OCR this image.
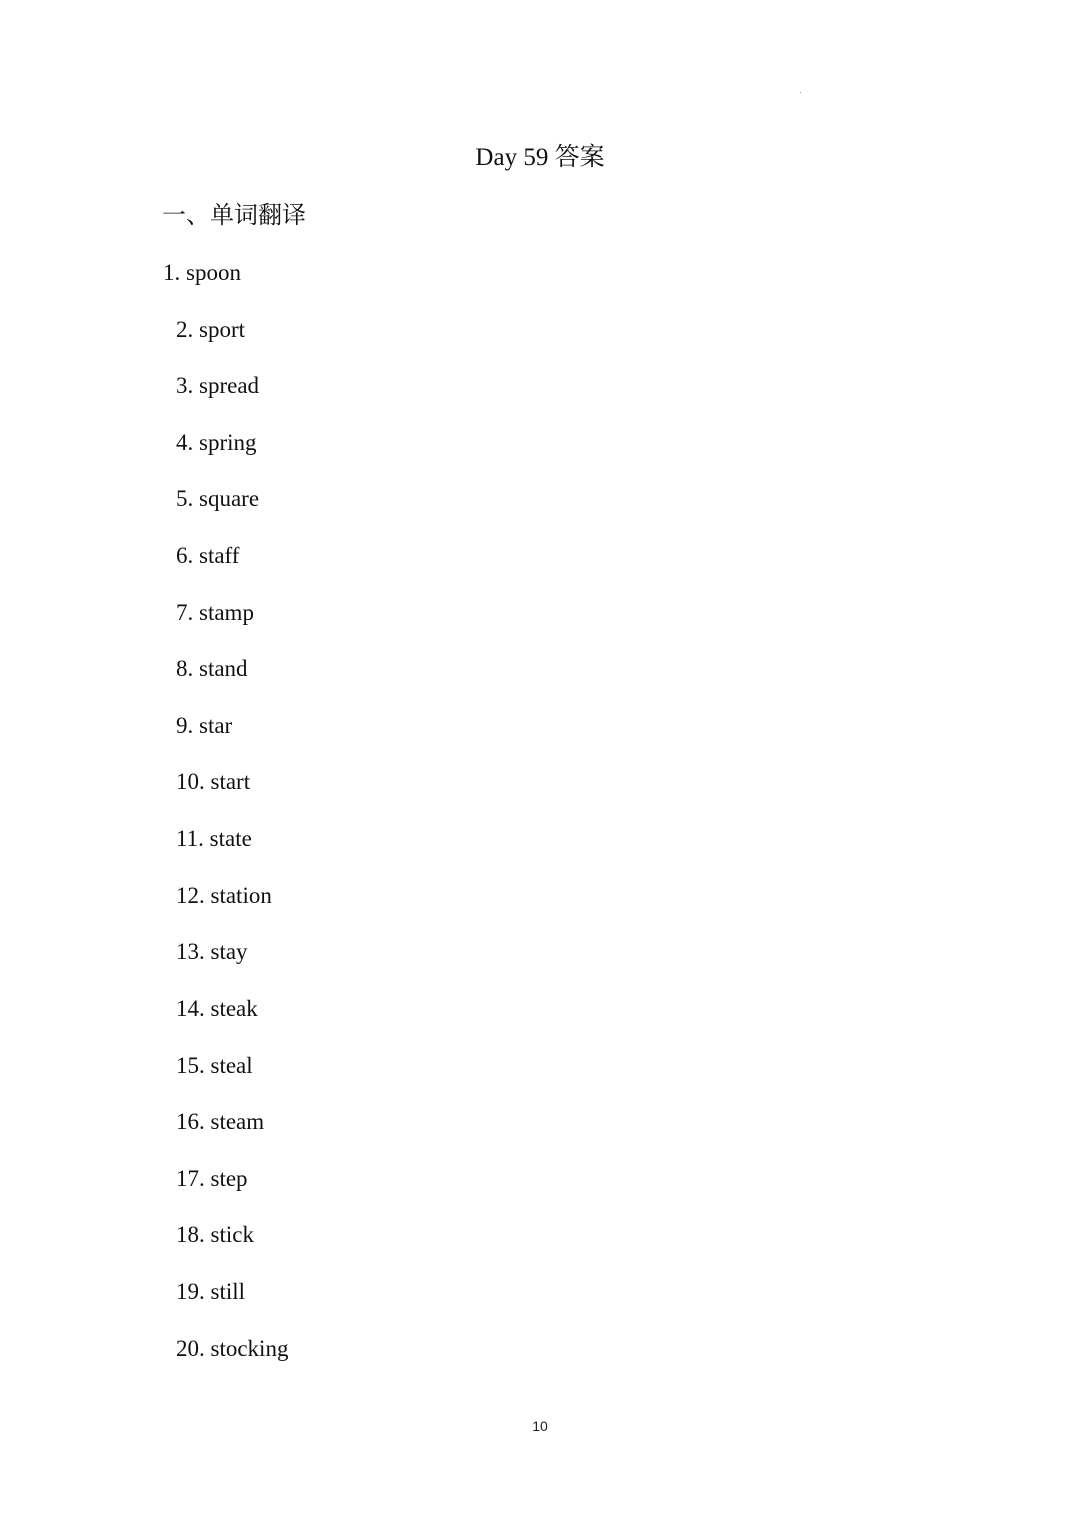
Day 59 答案
一、单词翻译
1. spoon
2. sport
3. spread
4. spring
5. square
6. staff
7. stamp
8. stand
9. star
10. start
11. state
12. station
13. stay
14. steak
15. steal
16. steam
17. step
18. stick
19. still
20. stocking
10
